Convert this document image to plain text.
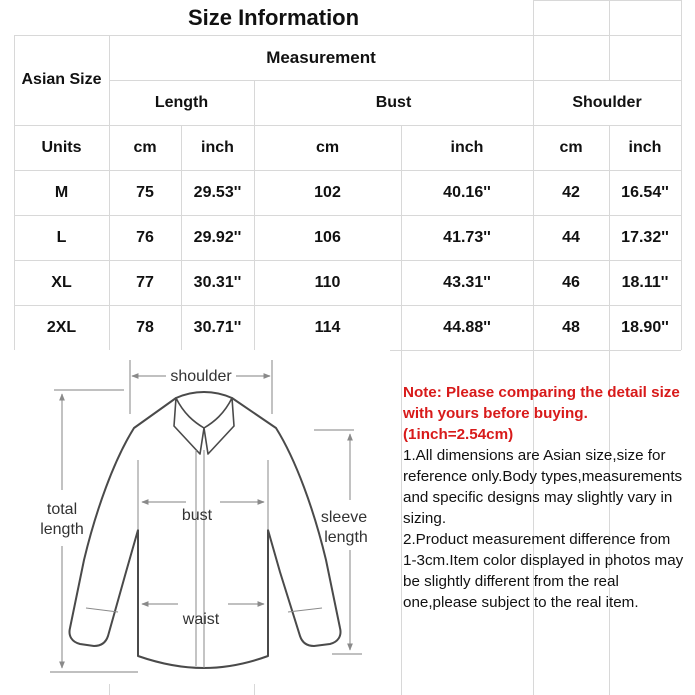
Size Information
Measurement
Asian Size
Length	Bust	Shoulder
Units	cm	inch	cm	inch	cm	inch
M	75	29.53''	102	40.16''	42	16.54''
L	76	29.92''	106	41.73''	44	17.32''
XL	77	30.31''	110	43.31''	46	18.11''
2XL	78	30.71''	114	44.88''	48	18.90''
shoulder
total
length
bust
waist
sleeve
length

Note: Please comparing the detail size with yours before buying.(1inch=2.54cm)

1.All dimensions are Asian size,size for reference only.Body types,measurements and specific designs may slightly vary in sizing.

2.Product measurement difference from 1-3cm.Item color displayed in photos may be slightly different from the real one,please subject to the real item.
